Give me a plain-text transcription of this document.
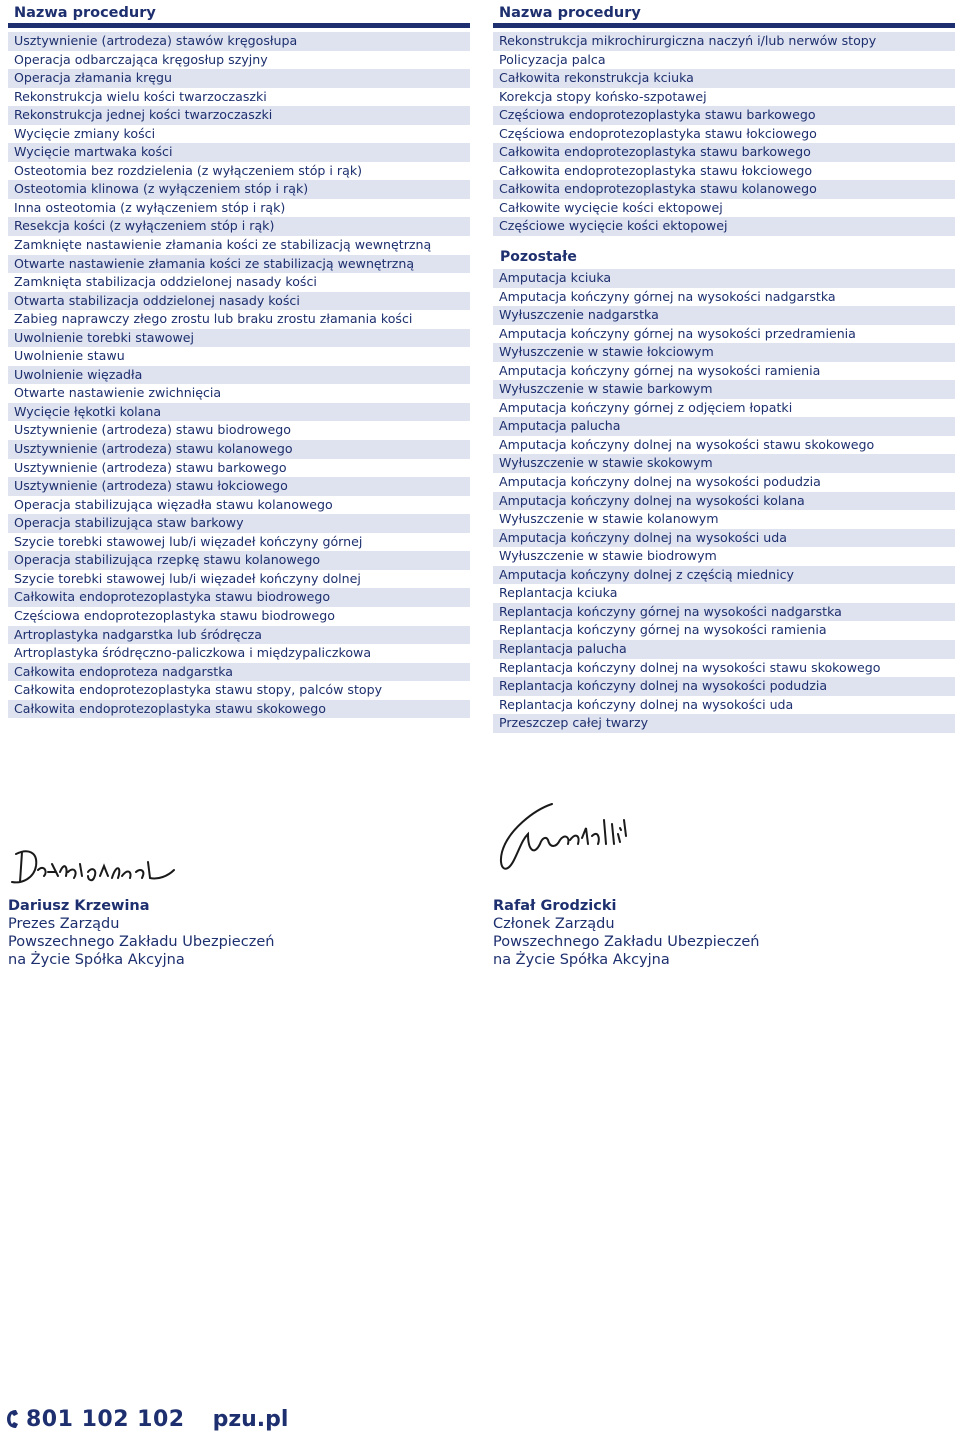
Nazwa procedury
Usztywnienie (artrodeza) stawów kręgosłupa
Operacja odbarczająca kręgosłup szyjny
Operacja złamania kręgu
Rekonstrukcja wielu kości twarzoczaszki
Rekonstrukcja jednej kości twarzoczaszki
Wycięcie zmiany kości
Wycięcie martwaka kości
Osteotomia bez rozdzielenia (z wyłączeniem stóp i rąk)
Osteotomia klinowa (z wyłączeniem stóp i rąk)
Inna osteotomia (z wyłączeniem stóp i rąk)
Resekcja kości (z wyłączeniem stóp i rąk)
Zamknięte nastawienie złamania kości ze stabilizacją wewnętrzną
Otwarte nastawienie złamania kości ze stabilizacją wewnętrzną
Zamknięta stabilizacja oddzielonej nasady kości
Otwarta stabilizacja oddzielonej nasady kości
Zabieg naprawczy złego zrostu lub braku zrostu złamania kości
Uwolnienie torebki stawowej
Uwolnienie stawu
Uwolnienie więzadła
Otwarte nastawienie zwichnięcia
Wycięcie łękotki kolana
Usztywnienie (artrodeza) stawu biodrowego
Usztywnienie (artrodeza) stawu kolanowego
Usztywnienie (artrodeza) stawu barkowego
Usztywnienie (artrodeza) stawu łokciowego
Operacja stabilizująca więzadła stawu kolanowego
Operacja stabilizująca staw barkowy
Szycie torebki stawowej lub/i więzadeł kończyny górnej
Operacja stabilizująca rzepkę stawu kolanowego
Szycie torebki stawowej lub/i więzadeł kończyny dolnej
Całkowita endoprotezoplastyka stawu biodrowego
Częściowa endoprotezoplastyka stawu biodrowego
Artroplastyka nadgarstka lub śródręcza
Artroplastyka śródręczno-paliczkowa i międzypaliczkowa
Całkowita endoproteza nadgarstka
Całkowita endoprotezoplastyka stawu stopy, palców stopy
Całkowita endoprotezoplastyka stawu skokowego
Nazwa procedury
Rekonstrukcja mikrochirurgiczna naczyń i/lub nerwów stopy
Policyzacja palca
Całkowita rekonstrukcja kciuka
Korekcja stopy końsko-szpotawej
Częściowa endoprotezoplastyka stawu barkowego
Częściowa endoprotezoplastyka stawu łokciowego
Całkowita endoprotezoplastyka stawu barkowego
Całkowita endoprotezoplastyka stawu łokciowego
Całkowita endoprotezoplastyka stawu kolanowego
Całkowite wycięcie kości ektopowej
Częściowe wycięcie kości ektopowej
Pozostałe
Amputacja kciuka
Amputacja kończyny górnej na wysokości nadgarstka
Wyłuszczenie nadgarstka
Amputacja kończyny górnej na wysokości przedramienia
Wyłuszczenie w stawie łokciowym
Amputacja kończyny górnej na wysokości ramienia
Wyłuszczenie w stawie barkowym
Amputacja kończyny górnej z odjęciem łopatki
Amputacja palucha
Amputacja kończyny dolnej na wysokości stawu skokowego
Wyłuszczenie w stawie skokowym
Amputacja kończyny dolnej na wysokości podudzia
Amputacja kończyny dolnej na wysokości kolana
Wyłuszczenie w stawie kolanowym
Amputacja kończyny dolnej na wysokości uda
Wyłuszczenie w stawie biodrowym
Amputacja kończyny dolnej z częścią miednicy
Replantacja kciuka
Replantacja kończyny górnej na wysokości nadgarstka
Replantacja kończyny górnej na wysokości ramienia
Replantacja palucha
Replantacja kończyny dolnej na wysokości stawu skokowego
Replantacja kończyny dolnej na wysokości podudzia
Replantacja kończyny dolnej na wysokości uda
Przeszczep całej twarzy
Dariusz Krzewina
Prezes Zarządu
Powszechnego Zakładu Ubezpieczeń
na Życie Spółka Akcyjna
Rafał Grodzicki
Członek Zarządu
Powszechnego Zakładu Ubezpieczeń
na Życie Spółka Akcyjna
801 102 102 pzu.pl
